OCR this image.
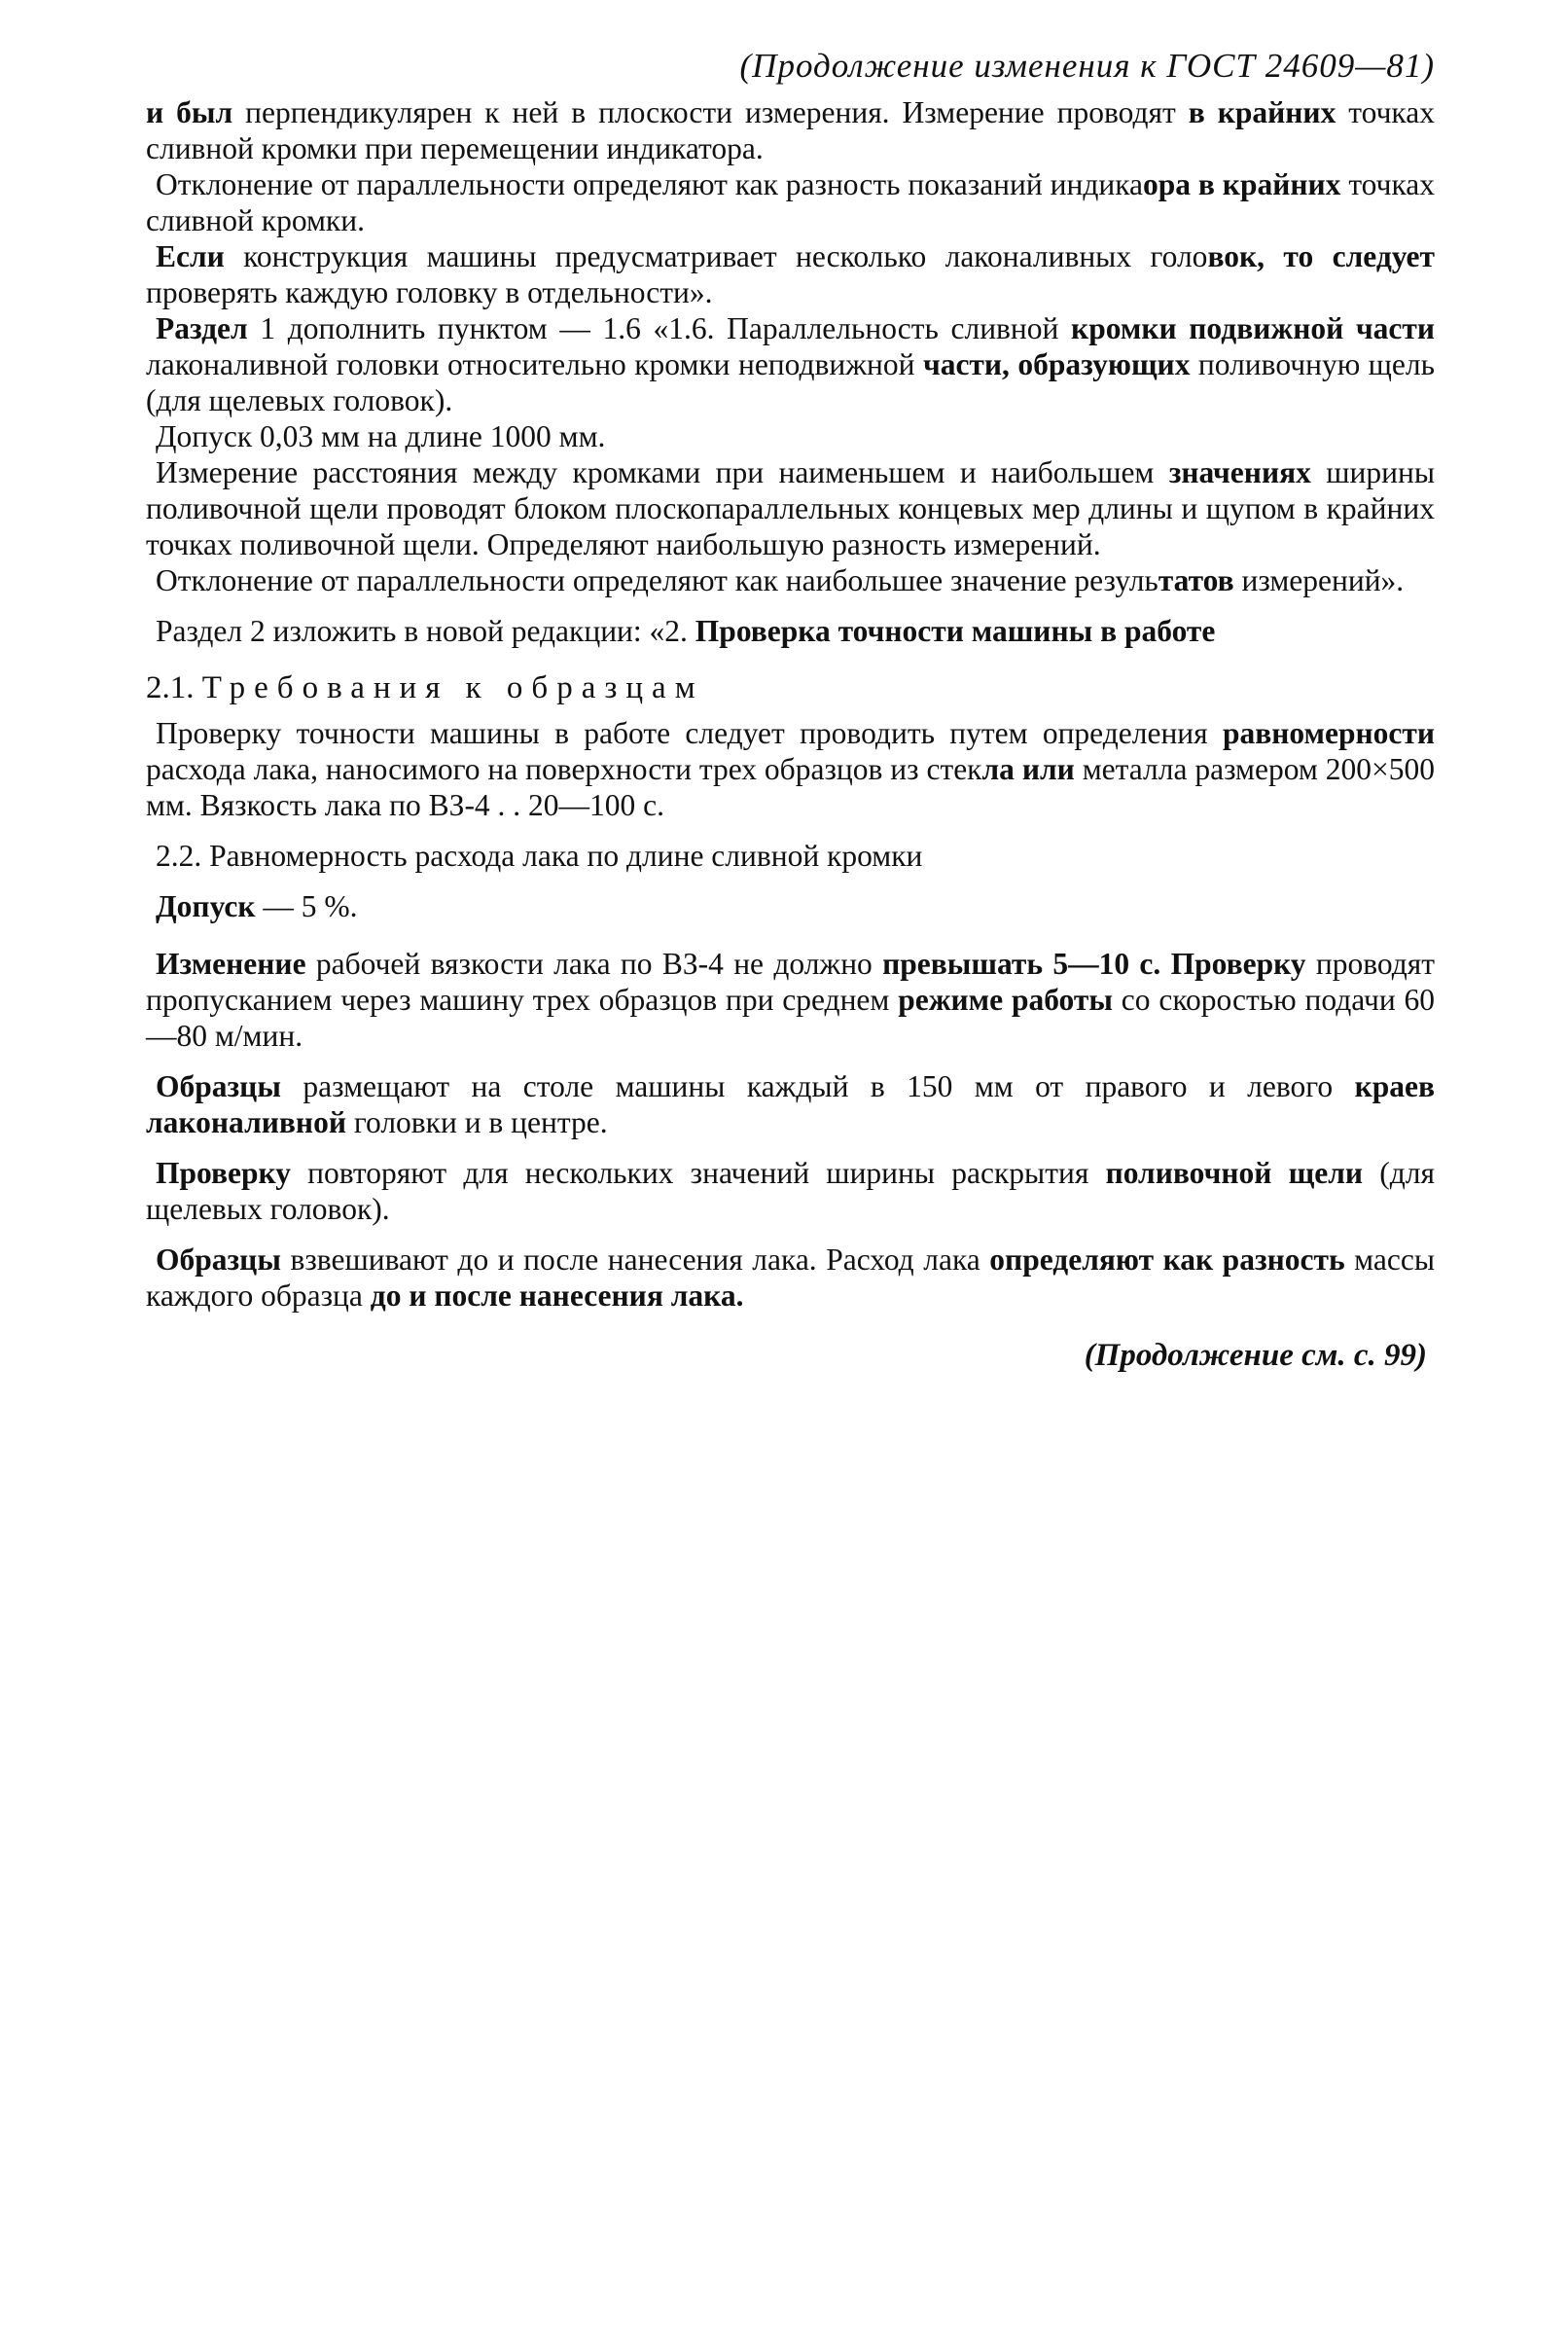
(Продолжение изменения к ГОСТ 24609—81)

и был перпендикулярен к ней в плоскости измерения. Измерение проводят в крайних точках сливной кромки при перемещении индикатора.

Отклонение от параллельности определяют как разность показаний индикаора в крайних точках сливной кромки.

Если конструкция машины предусматривает несколько лаконаливных головок, то следует проверять каждую головку в отдельности».

Раздел 1 дополнить пунктом — 1.6 «1.6. Параллельность сливной кромки подвижной части лаконаливной головки относительно кромки неподвижной части, образующих поливочную щель (для щелевых головок).

Допуск 0,03 мм на длине 1000 мм.

Измерение расстояния между кромками при наименьшем и наибольшем значениях ширины поливочной щели проводят блоком плоскопараллельных концевых мер длины и щупом в крайних точках поливочной щели. Определяют наибольшую разность измерений.

Отклонение от параллельности определяют как наибольшее значение результатов измерений».

Раздел 2 изложить в новой редакции: «2. Проверка точности машины в работе

2.1. Требования к образцам

Проверку точности машины в работе следует проводить путем определения равномерности расхода лака, наносимого на поверхности трех образцов из стекла или металла размером 200×500 мм. Вязкость лака по ВЗ-4 . . 20—100 с.

2.2. Равномерность расхода лака по длине сливной кромки

Допуск — 5 %.

Изменение рабочей вязкости лака по ВЗ-4 не должно превышать 5—10 с. Проверку проводят пропусканием через машину трех образцов при среднем режиме работы со скоростью подачи 60—80 м/мин.

Образцы размещают на столе машины каждый в 150 мм от правого и левого краев лаконаливной головки и в центре.

Проверку повторяют для нескольких значений ширины раскрытия поливочной щели (для щелевых головок).

Образцы взвешивают до и после нанесения лака. Расход лака определяют как разность массы каждого образца до и после нанесения лака.

(Продолжение см. с. 99)
